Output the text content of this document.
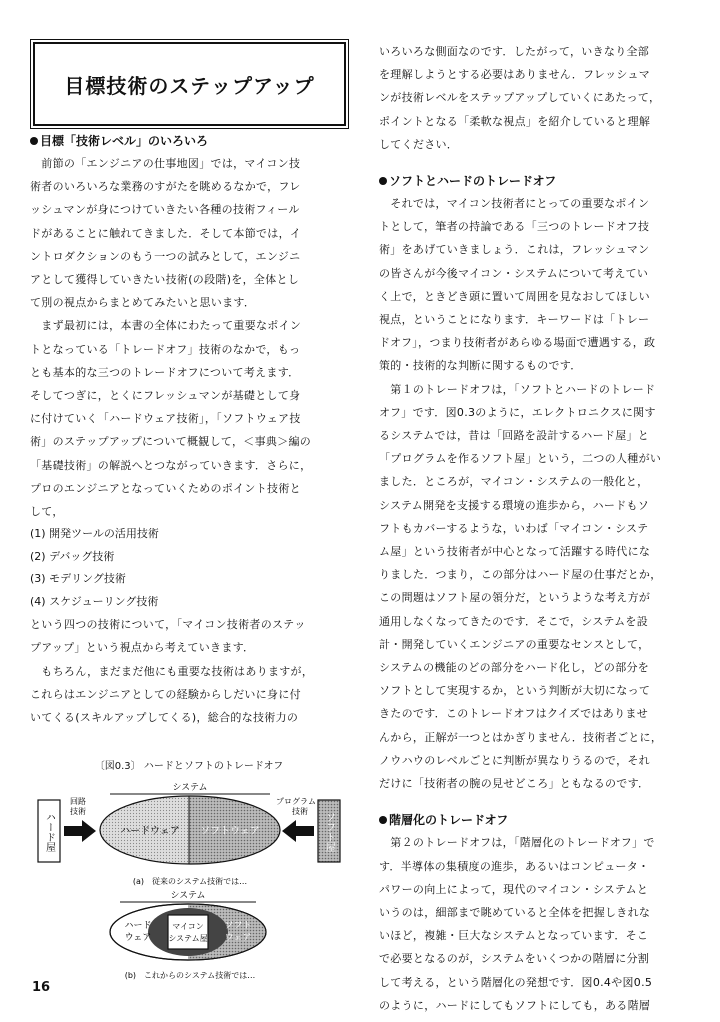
目標技術のステップアップ
目標「技術レベル」のいろいろ

　前節の「エンジニアの仕事地図」では，マイコン技
術者のいろいろな業務のすがたを眺めるなかで，フレ
ッシュマンが身につけていきたい各種の技術フィール
ドがあることに触れてきました．そして本節では，イ
ントロダクションのもう一つの試みとして，エンジニ
アとして獲得していきたい技術(の段階)を，全体とし
て別の視点からまとめてみたいと思います．

　まず最初には，本書の全体にわたって重要なポイン
トとなっている「トレードオフ」技術のなかで，もっ
とも基本的な三つのトレードオフについて考えます．
そしてつぎに，とくにフレッシュマンが基礎として身
に付けていく「ハードウェア技術」，「ソフトウェア技
術」のステップアップについて概観して，＜事典＞編の
「基礎技術」の解説へとつながっていきます．さらに，
プロのエンジニアとなっていくためのポイント技術と
して，

(1) 開発ツールの活用技術

(2) デバッグ技術

(3) モデリング技術

(4) スケジューリング技術

という四つの技術について，「マイコン技術者のステッ
プアップ」という視点から考えていきます．

　もちろん，まだまだ他にも重要な技術はありますが，
これらはエンジニアとしての経験からしだいに身に付
いてくる(スキルアップしてくる)，総合的な技術力の

〔図0.3〕 ハードとソフトのトレードオフ

システム
ハードウェア ソフトウェア
ハード屋	ソフト屋
回路
技術
プログラム
技術
(a)　従来のシステム技術では…
システム
マイコン
システム屋
ハード
ウェア
ソフト
ウェア
(b)　これからのシステム技術では…

いろいろな側面なのです．したがって，いきなり全部
を理解しようとする必要はありません．フレッシュマ
ンが技術レベルをステップアップしていくにあたって，
ポイントとなる「柔軟な視点」を紹介していると理解
してください．

ソフトとハードのトレードオフ

　それでは，マイコン技術者にとっての重要なポイン
トとして，筆者の持論である「三つのトレードオフ技
術」をあげていきましょう．これは，フレッシュマン
の皆さんが今後マイコン・システムについて考えてい
く上で，ときどき頭に置いて周囲を見なおしてほしい
視点，ということになります．キーワードは「トレー
ドオフ」，つまり技術者があらゆる場面で遭遇する，政
策的・技術的な判断に関するものです．

　第１のトレードオフは，「ソフトとハードのトレード
オフ」です．図0.3のように，エレクトロニクスに関す
るシステムでは，昔は「回路を設計するハード屋」と
「プログラムを作るソフト屋」という，二つの人種がい
ました．ところが，マイコン・システムの一般化と，
システム開発を支援する環境の進歩から，ハードもソ
フトもカバーするような，いわば「マイコン・システ
ム屋」という技術者が中心となって活躍する時代にな
りました．つまり，この部分はハード屋の仕事だとか，
この問題はソフト屋の領分だ，というような考え方が
通用しなくなってきたのです．そこで，システムを設
計・開発していくエンジニアの重要なセンスとして，
システムの機能のどの部分をハード化し，どの部分を
ソフトとして実現するか，という判断が大切になって
きたのです．このトレードオフはクイズではありませ
んから，正解が一つとはかぎりません．技術者ごとに，
ノウハウのレベルごとに判断が異なりうるので，それ
だけに「技術者の腕の見せどころ」ともなるのです．

階層化のトレードオフ

　第２のトレードオフは，「階層化のトレードオフ」で
す．半導体の集積度の進歩，あるいはコンピュータ・
パワーの向上によって，現代のマイコン・システムと
いうのは，細部まで眺めていると全体を把握しきれな
いほど，複雑・巨大なシステムとなっています．そこ
で必要となるのが，システムをいくつかの階層に分割
して考える，という階層化の発想です．図0.4や図0.5
のように，ハードにしてもソフトにしても，ある階層

16
